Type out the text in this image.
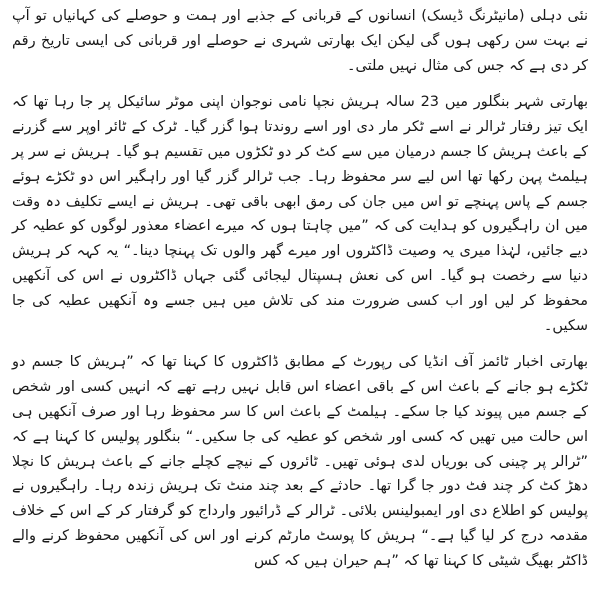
نئی دہلی (مانیٹرنگ ڈیسک) انسانوں کے قربانی کے جذبے اور ہمت و حوصلے کی کہانیاں تو آپ نے بہت سن رکھی ہوں گی لیکن ایک بھارتی شہری نے حوصلے اور قربانی کی ایسی تاریخ رقم کر دی ہے کہ جس کی مثال نہیں ملتی۔

بھارتی شہر بنگلور میں 23 سالہ ہریش نجپا نامی نوجوان اپنی موٹر سائیکل پر جا رہا تھا کہ ایک تیز رفتار ٹرالر نے اسے ٹکر مار دی اور اسے روندتا ہوا گزر گیا۔ ٹرک کے ٹائر اوپر سے گزرنے کے باعث ہریش کا جسم درمیان میں سے کٹ کر دو ٹکڑوں میں تقسیم ہو گیا۔ ہریش نے سر پر ہیلمٹ پہن رکھا تھا اس لیے سر محفوظ رہا۔ جب ٹرالر گزر گیا اور راہگیر اس دو ٹکڑے ہوئے جسم کے پاس پہنچے تو اس میں جان کی رمق ابھی باقی تھی۔ ہریش نے ایسے تکلیف دہ وقت میں ان راہگیروں کو ہدایت کی کہ ”میں چاہتا ہوں کہ میرے اعضاء معذور لوگوں کو عطیہ کر دیے جائیں، لہٰذا میری یہ وصیت ڈاکٹروں اور میرے گھر والوں تک پہنچا دینا۔“ یہ کہہ کر ہریش دنیا سے رخصت ہو گیا۔ اس کی نعش ہسپتال لیجائی گئی جہاں ڈاکٹروں نے اس کی آنکھیں محفوظ کر لیں اور اب کسی ضرورت مند کی تلاش میں ہیں جسے وہ آنکھیں عطیہ کی جا سکیں۔

بھارتی اخبار ٹائمز آف انڈیا کی رپورٹ کے مطابق ڈاکٹروں کا کہنا تھا کہ ”ہریش کا جسم دو ٹکڑے ہو جانے کے باعث اس کے باقی اعضاء اس قابل نہیں رہے تھے کہ انہیں کسی اور شخص کے جسم میں پیوند کیا جا سکے۔ ہیلمٹ کے باعث اس کا سر محفوظ رہا اور صرف آنکھیں ہی اس حالت میں تھیں کہ کسی اور شخص کو عطیہ کی جا سکیں۔“ بنگلور پولیس کا کہنا ہے کہ ”ٹرالر پر چینی کی بوریاں لدی ہوئی تھیں۔ ٹائروں کے نیچے کچلے جانے کے باعث ہریش کا نچلا دھڑ کٹ کر چند فٹ دور جا گرا تھا۔ حادثے کے بعد چند منٹ تک ہریش زندہ رہا۔ راہگیروں نے پولیس کو اطلاع دی اور ایمبولینس بلائی۔ ٹرالر کے ڈرائیور وارداج کو گرفتار کر کے اس کے خلاف مقدمہ درج کر لیا گیا ہے۔“ ہریش کا پوسٹ مارٹم کرنے اور اس کی آنکھیں محفوظ کرنے والے ڈاکٹر بھیگ شیٹی کا کہنا تھا کہ ”ہم حیران ہیں کہ کس
